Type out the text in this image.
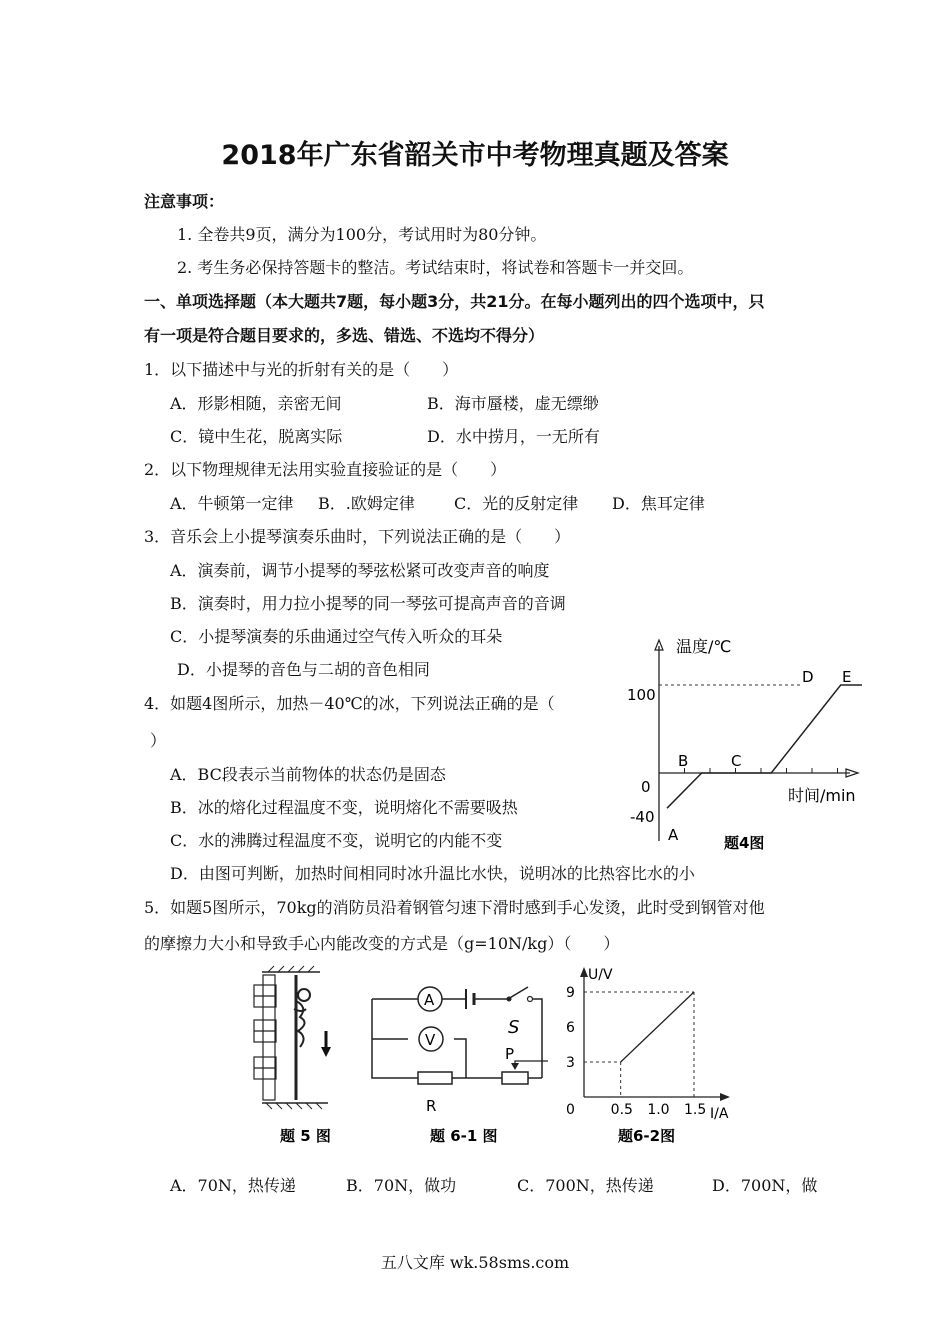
2018年广东省韶关市中考物理真题及答案
注意事项：
1. 全卷共9页，满分为100分，考试用时为80分钟。
2. 考生务必保持答题卡的整洁。考试结束时，将试卷和答题卡一并交回。
一、单项选择题（本大题共7题，每小题3分，共21分。在每小题列出的四个选项中，只
有一项是符合题目要求的，多选、错选、不选均不得分）
1．以下描述中与光的折射有关的是（　　）
A．形影相随，亲密无间	B．海市蜃楼，虚无缥缈
C．镜中生花，脱离实际	D．水中捞月，一无所有
2．以下物理规律无法用实验直接验证的是（　　）
A．牛顿第一定律 B．.欧姆定律 C．光的反射定律 D．焦耳定律
3．音乐会上小提琴演奏乐曲时，下列说法正确的是（　　）
A．演奏前，调节小提琴的琴弦松紧可改变声音的响度
B．演奏时，用力拉小提琴的同一琴弦可提高声音的音调
C．小提琴演奏的乐曲通过空气传入听众的耳朵
D．小提琴的音色与二胡的音色相同
4．如题4图所示，加热－40℃的冰，下列说法正确的是（
）
A．BC段表示当前物体的状态仍是固态
B．冰的熔化过程温度不变，说明熔化不需要吸热
C．水的沸腾过程温度不变，说明它的内能不变
D．由图可判断，加热时间相同时冰升温比水快，说明冰的比热容比水的小
5．如题5图所示，70kg的消防员沿着钢管匀速下滑时感到手心发烫，此时受到钢管对他
的摩擦力大小和导致手心内能改变的方式是（g=10N/kg）（　　）
A．70N，热传递	B．70N，做功	C．700N，热传递	D．700N，做
温度/℃
100
0
-40
时间/min
A
B	C
D E
题4图
题 5 图
A
V
S
P
R
题 6-1 图
U/V
I/A
0
3
6
9
0.5 1.0 1.5
题6-2图
五八文库 wk.58sms.com
